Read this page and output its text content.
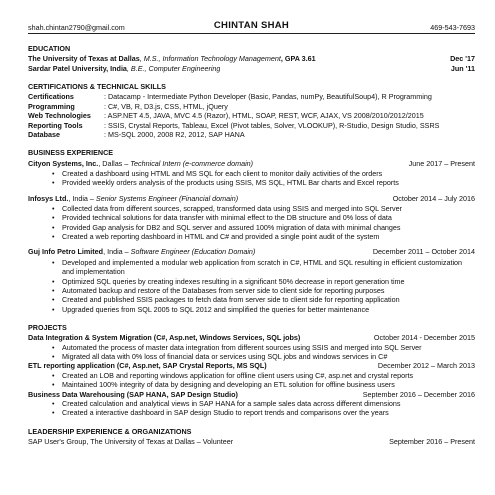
shah.chintan2790@gmail.com	CHINTAN SHAH	469-543-7693
EDUCATION
The University of Texas at Dallas, M.S., Information Technology Management, GPA 3.61	Dec '17
Sardar Patel University, India, B.E., Computer Engineering	Jun '11
CERTIFICATIONS & TECHNICAL SKILLS
Certifications	: Datacamp - Intermediate Python Developer (Basic, Pandas, numPy, BeautifulSoup4), R Programming
Programming	: C#, VB, R, D3.js, CSS, HTML, jQuery
Web Technologies	: ASP.NET 4.5, JAVA, MVC 4.5 (Razor), HTML, SOAP, REST, WCF, AJAX, VS 2008/2010/2012/2015
Reporting Tools	: SSIS, Crystal Reports, Tableau, Excel (Pivot tables, Solver, VLOOKUP), R-Studio, Design Studio, SSRS
Database	: MS-SQL 2000, 2008 R2, 2012, SAP HANA
BUSINESS EXPERIENCE
Cityon Systems, Inc., Dallas – Technical Intern (e-commerce domain)	June 2017 – Present
• Created a dashboard using HTML and MS SQL for each client to monitor daily activities of the orders
• Provided weekly orders analysis of the products using SSIS, MS SQL, HTML Bar charts and Excel reports
Infosys Ltd., India – Senior Systems Engineer (Financial domain)	October 2014 – July 2016
• Collected data from different sources, scrapped, transformed data using SSIS and merged into SQL Server
• Provided technical solutions for data transfer with minimal effect to the DB structure and 0% loss of data
• Provided Gap analysis for DB2 and SQL server and assured 100% migration of data with minimal changes
• Created a web reporting dashboard in HTML and C# and provided a single point audit of the system
Guj Info Petro Limited, India – Software Engineer (Education Domain)	December 2011 – October 2014
• Developed and implemented a modular web application from scratch in C#, HTML and SQL resulting in efficient customization and implementation
• Optimized SQL queries by creating indexes resulting in a significant 50% decrease in report generation time
• Automated backup and restore of the Databases from server side to client side for reporting purposes
• Created and published SSIS packages to fetch data from server side to client side for reporting application
• Upgraded queries from SQL 2005 to SQL 2012 and simplified the queries for better maintenance
PROJECTS
Data Integration & System Migration (C#, Asp.net, Windows Services, SQL jobs)	October 2014 - December 2015
• Automated the process of master data integration from different sources using SSIS and merged into SQL Server
• Migrated all data with 0% loss of financial data or services using SQL jobs and windows services in C#
ETL reporting application (C#, Asp.net, SAP Crystal Reports, MS SQL)	December 2012 – March 2013
• Created an LOB and reporting windows application for offline client users using C#, asp.net and crystal reports
• Maintained 100% integrity of data by designing and developing an ETL solution for offline business users
Business Data Warehousing (SAP HANA, SAP Design Studio)	September 2016 – December 2016
• Created calculation and analytical views in SAP HANA for a sample sales data across different dimensions
• Created a interactive dashboard in SAP design Studio to report trends and comparisons over the years
LEADERSHIP EXPERIENCE & ORGANIZATIONS
SAP User's Group, The University of Texas at Dallas – Volunteer	September 2016 – Present
